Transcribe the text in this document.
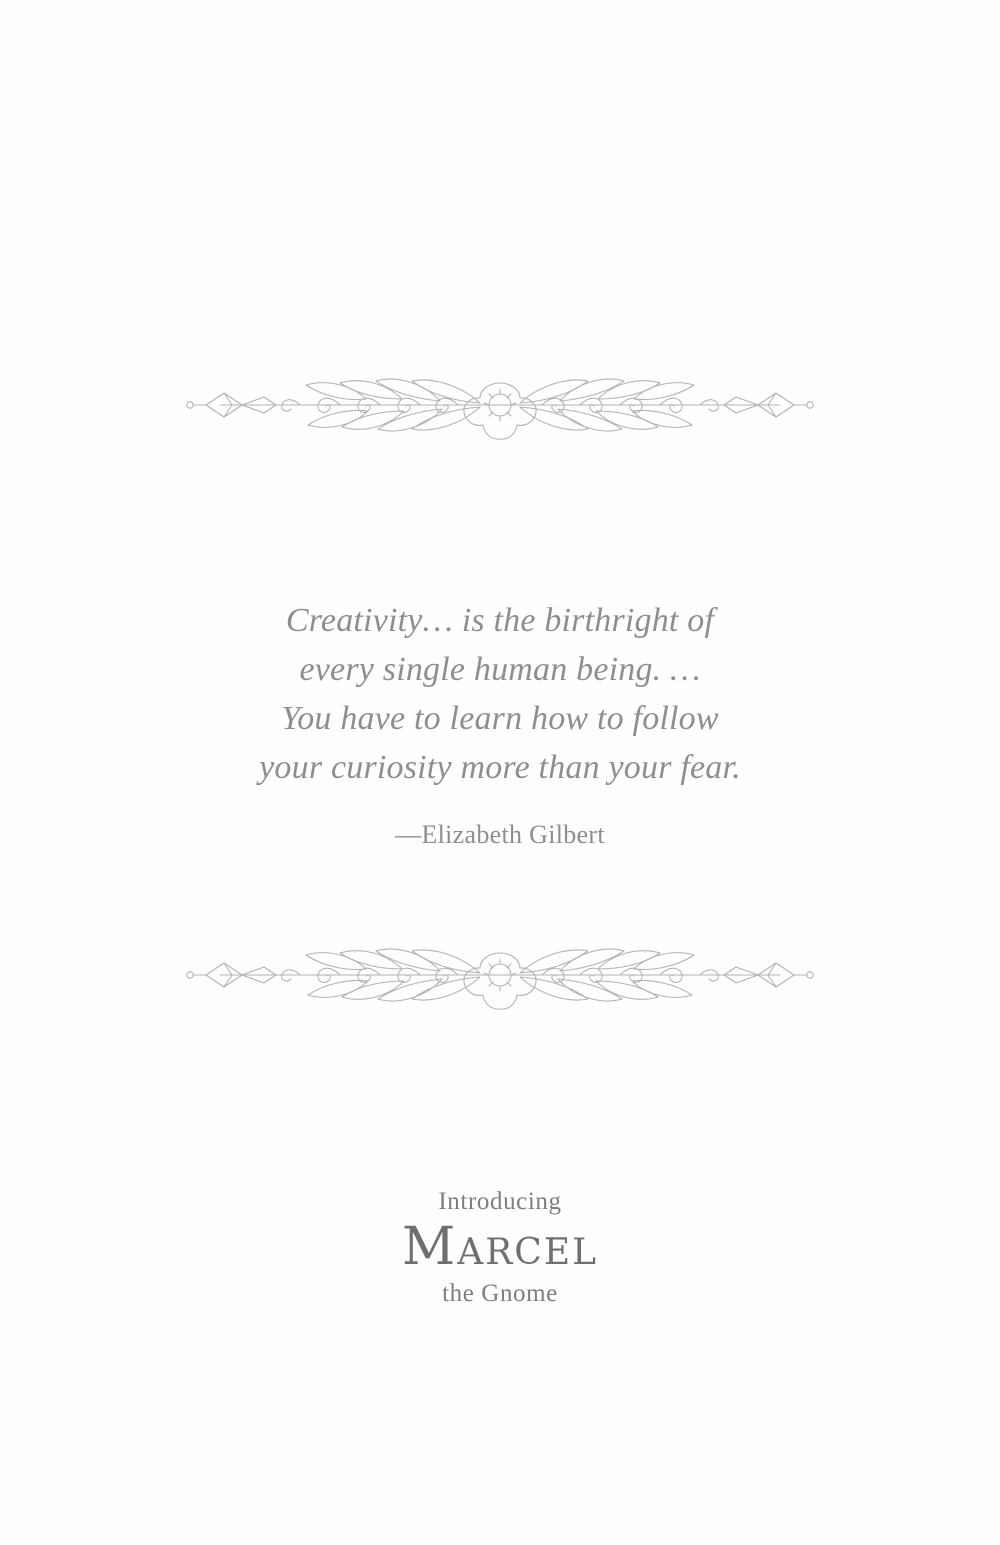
Creativity… is the birthright of
every single human being. …
You have to learn how to follow
your curiosity more than your fear.
—Elizabeth Gilbert
Introducing
Marcel
the Gnome
